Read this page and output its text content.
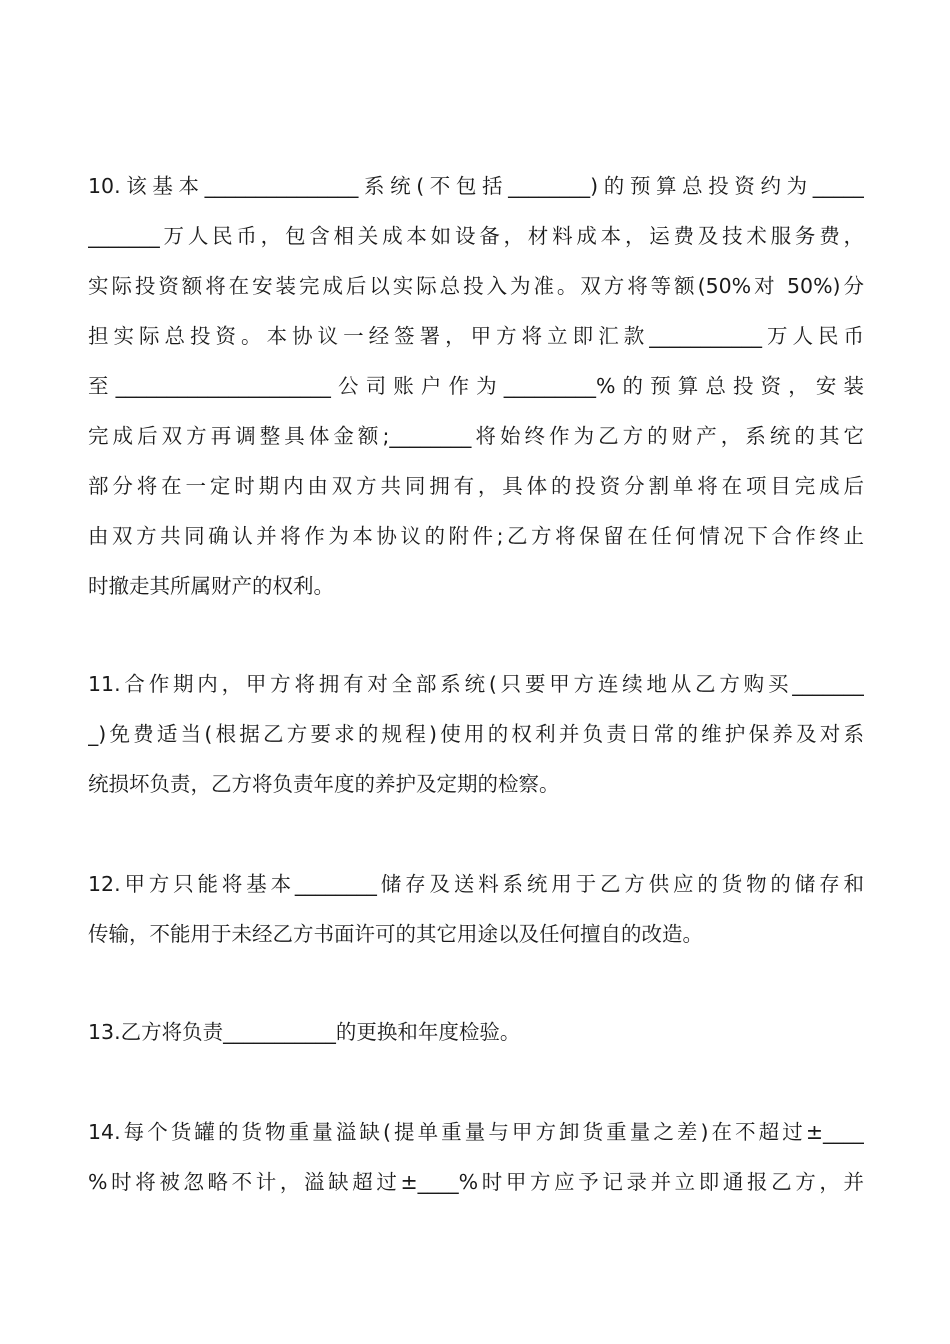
10.该基本_______________系统(不包括________)的预算总投资约为_____
_______万人民币，包含相关成本如设备，材料成本，运费及技术服务费，
实际投资额将在安装完成后以实际总投入为准。双方将等额(50%对 50%)分
担实际总投资。本协议一经签署，甲方将立即汇款___________万人民币
至_____________________公司账户作为_________%的预算总投资，安装
完成后双方再调整具体金额;________将始终作为乙方的财产，系统的其它
部分将在一定时期内由双方共同拥有，具体的投资分割单将在项目完成后
由双方共同确认并将作为本协议的附件;乙方将保留在任何情况下合作终止
时撤走其所属财产的权利。
11.合作期内，甲方将拥有对全部系统(只要甲方连续地从乙方购买_______
_)免费适当(根据乙方要求的规程)使用的权利并负责日常的维护保养及对系
统损坏负责，乙方将负责年度的养护及定期的检察。
12.甲方只能将基本________储存及送料系统用于乙方供应的货物的储存和
传输，不能用于未经乙方书面许可的其它用途以及任何擅自的改造。
13.乙方将负责___________的更换和年度检验。
14.每个货罐的货物重量溢缺(提单重量与甲方卸货重量之差)在不超过±____
%时将被忽略不计，溢缺超过±____%时甲方应予记录并立即通报乙方，并
